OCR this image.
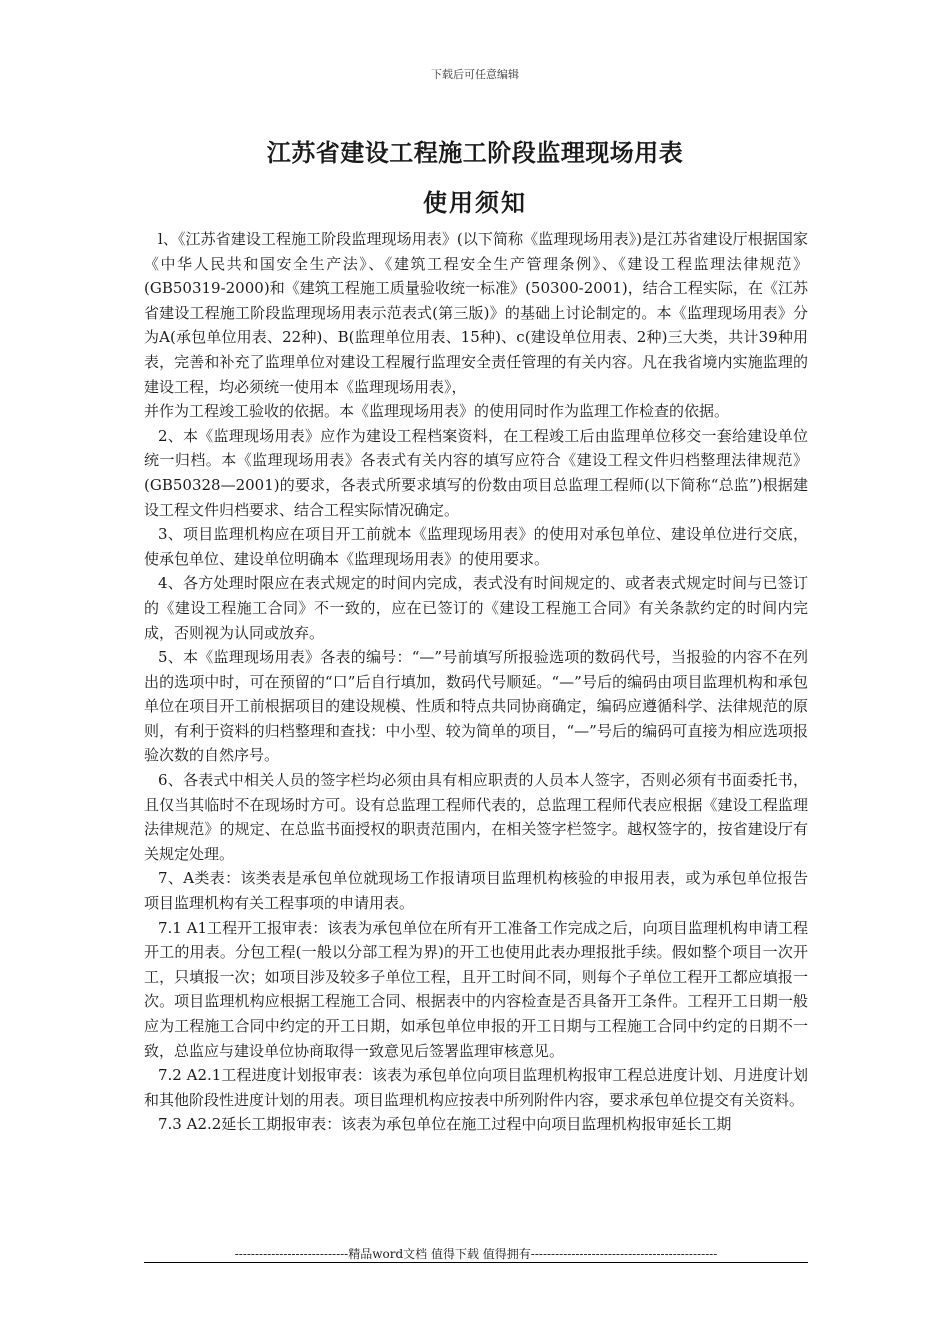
下载后可任意编辑
江苏省建设工程施工阶段监理现场用表
使用须知

l、《江苏省建设工程施工阶段监理现场用表》(以下简称《监理现场用表》)是江苏省建设厅根据国家《中华人民共和国安全生产法》、《建筑工程安全生产管理条例》、《建设工程监理法律规范》(GB50319-2000)和《建筑工程施工质量验收统一标准》(50300-2001)，结合工程实际，在《江苏省建设工程施工阶段监理现场用表示范表式(第三版)》的基础上讨论制定的。本《监理现场用表》分为A(承包单位用表、22种)、B(监理单位用表、15种)、c(建设单位用表、2种)三大类，共计39种用表，完善和补充了监理单位对建设工程履行监理安全责任管理的有关内容。凡在我省境内实施监理的建设工程，均必须统一使用本《监理现场用表》，

并作为工程竣工验收的依据。本《监理现场用表》的使用同时作为监理工作检查的依据。

2、本《监理现场用表》应作为建设工程档案资料，在工程竣工后由监理单位移交一套给建设单位统一归档。本《监理现场用表》各表式有关内容的填写应符合《建设工程文件归档整理法律规范》(GB50328—2001)的要求，各表式所要求填写的份数由项目总监理工程师(以下简称“总监”)根据建设工程文件归档要求、结合工程实际情况确定。

3、项目监理机构应在项目开工前就本《监理现场用表》的使用对承包单位、建设单位进行交底，使承包单位、建设单位明确本《监理现场用表》的使用要求。

4、各方处理时限应在表式规定的时间内完成，表式没有时间规定的、或者表式规定时间与已签订的《建设工程施工合同》不一致的，应在已签订的《建设工程施工合同》有关条款约定的时间内完成，否则视为认同或放弃。

5、本《监理现场用表》各表的编号：“—”号前填写所报验选项的数码代号，当报验的内容不在列出的选项中时，可在预留的“口”后自行填加，数码代号顺延。“—”号后的编码由项目监理机构和承包单位在项目开工前根据项目的建设规模、性质和特点共同协商确定，编码应遵循科学、法律规范的原则，有利于资料的归档整理和查找：中小型、较为简单的项目，“—”号后的编码可直接为相应选项报验次数的自然序号。

6、各表式中相关人员的签字栏均必须由具有相应职责的人员本人签字，否则必须有书面委托书，且仅当其临时不在现场时方可。设有总监理工程师代表的，总监理工程师代表应根据《建设工程监理法律规范》的规定、在总监书面授权的职责范围内，在相关签字栏签字。越权签字的，按省建设厅有关规定处理。

7、A类表：该类表是承包单位就现场工作报请项目监理机构核验的申报用表，或为承包单位报告项目监理机构有关工程事项的申请用表。

7.1 A1工程开工报审表：该表为承包单位在所有开工准备工作完成之后，向项目监理机构申请工程开工的用表。分包工程(一般以分部工程为界)的开工也使用此表办理报批手续。假如整个项目一次开工，只填报一次；如项目涉及较多子单位工程，且开工时间不同，则每个子单位工程开工都应填报一次。项目监理机构应根据工程施工合同、根据表中的内容检查是否具备开工条件。工程开工日期一般应为工程施工合同中约定的开工日期，如承包单位申报的开工日期与工程施工合同中约定的日期不一致，总监应与建设单位协商取得一致意见后签署监理审核意见。

7.2 A2.1工程进度计划报审表：该表为承包单位向项目监理机构报审工程总进度计划、月进度计划和其他阶段性进度计划的用表。项目监理机构应按表中所列附件内容，要求承包单位提交有关资料。

7.3 A2.2延长工期报审表：该表为承包单位在施工过程中向项目监理机构报审延长工期

----------------------------精品word文档 值得下载 值得拥有----------------------------------------------
